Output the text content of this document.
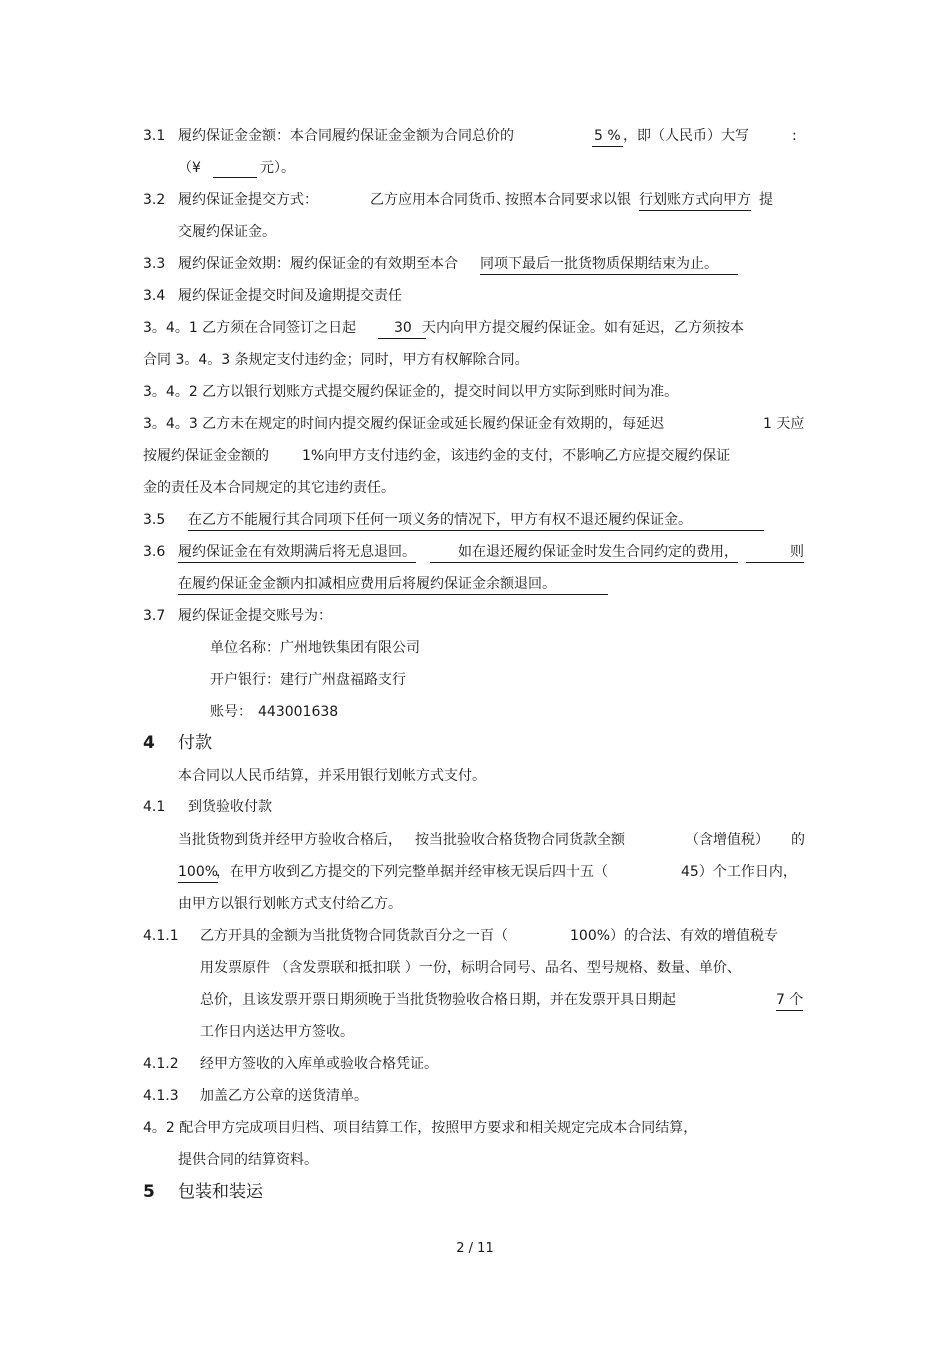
3.1 履约保证金金额：本合同履约保证金金额为合同总价的	5 % ，即（人民币）大写	:
（¥	元）。
3.2 履约保证金提交方式：	乙方应用本合同货币、
按照本合同要求以银 行划账方式向甲方 提
交履约保证金。
3.3 履约保证金效期：履约保证金的有效期至本合 同项下最后一批货物质保期结束为止。
3.4 履约保证金提交时间及逾期提交责任
3。4。1 乙方须在合同签订之日起	30 天内向甲方提交履约保证金。如有延迟，乙方须按本
合同 3。4。3 条规定支付违约金；同时，甲方有权解除合同。
3。4。2 乙方以银行划账方式提交履约保证金的，提交时间以甲方实际到账时间为准。
3。4。3 乙方未在规定的时间内提交履约保证金或延长履约保证金有效期的，每延迟	1 天应
按履约保证金金额的 1%向甲方支付违约金，该违约金的支付，不影响乙方应提交履约保证
金的责任及本合同规定的其它违约责任。
3.5 在乙方不能履行其合同项下任何一项义务的情况下，甲方有权不退还履约保证金。
3.6 履约保证金在有效期满后将无息退回。	如在退还履约保证金时发生合同约定的费用，	则
在履约保证金金额内扣减相应费用后将履约保证金余额退回。
3.7 履约保证金提交账号为：
单位名称：广州地铁集团有限公司
开户银行：建行广州盘福路支行
账号： 443001638
4 付款
本合同以人民币结算，并采用银行划帐方式支付。
4.1 到货验收付款
当批货物到货并经甲方验收合格后， 按当批验收合格货物合同货款全额	（含增值税） 的
100%
，在甲方收到乙方提交的下列完整单据并经审核无误后四十五（	45）个工作日内，
由甲方以银行划帐方式支付给乙方。
4.1.1 乙方开具的金额为当批货物合同货款百分之一百（	100%）的合法、有效的增值税专
用发票原件 （含发票联和抵扣联 ）一份，标明合同号、品名、型号规格、数量、单价、
总价，且该发票开票日期须晚于当批货物验收合格日期，并在发票开具日期起	7 个
工作日内送达甲方签收。
4.1.2 经甲方签收的入库单或验收合格凭证。
4.1.3 加盖乙方公章的送货清单。
4。2 配合甲方完成项目归档、项目结算工作，按照甲方要求和相关规定完成本合同结算，
提供合同的结算资料。
5 包装和装运
2 / 11
